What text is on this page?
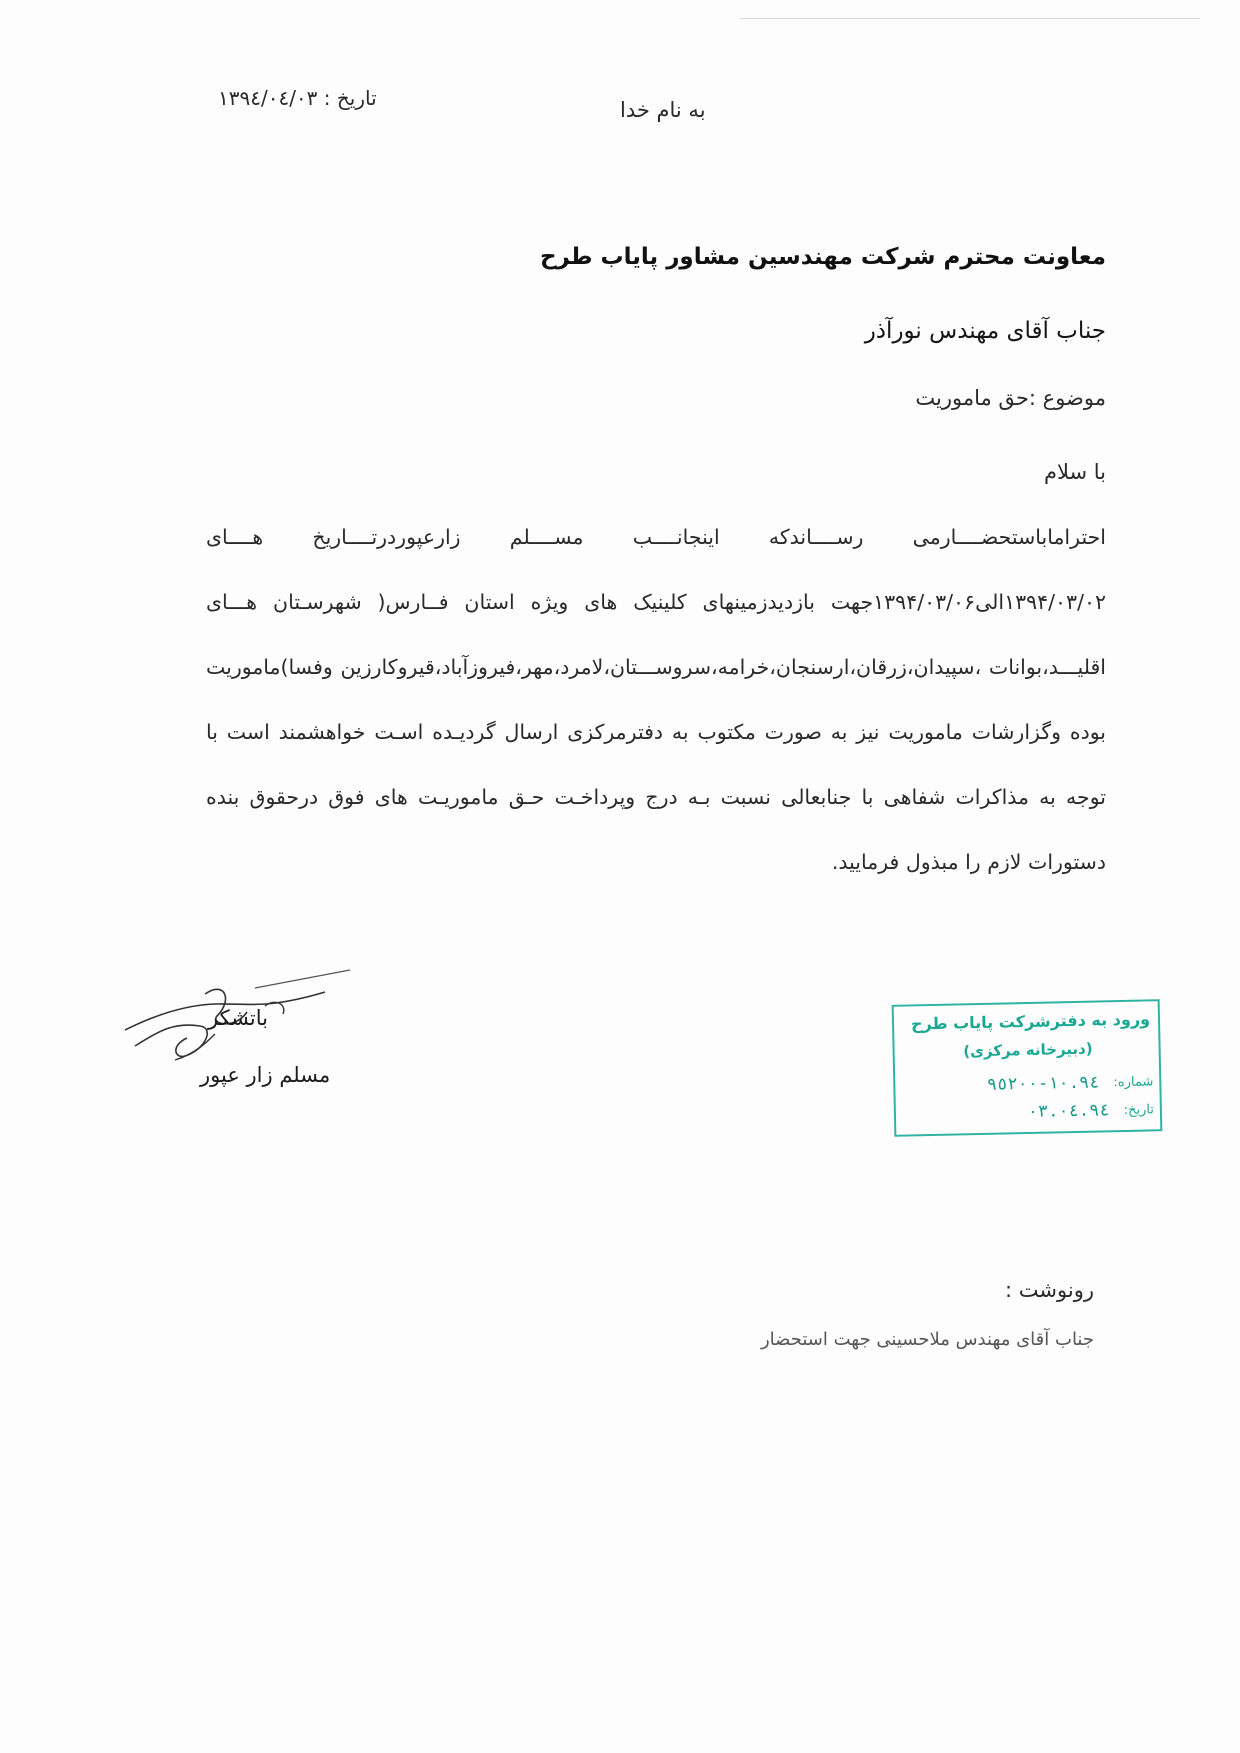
تاریخ : ۱۳۹٤/۰٤/۰۳	به نام خدا
معاونت محترم شرکت مهندسین مشاور پایاب طرح
جناب آقای مهندس نورآذر
موضوع :حق ماموریت
با سلام
احتراماباستحضــــارمی رســــاندکه اینجانــــب مســــلم زارعپوردرتــــاریخ هــــای ۱۳۹۴/۰۳/۰۲الی۱۳۹۴/۰۳/۰۶جهت بازدیدزمینهای کلینیک های ویژه استان فــارس( شهرسـتان هـــای اقلیـــد،بوانات ،سپیدان،زرقان،ارسنجان،خرامه،سروســـتان،لامرد،مهر،فیروزآباد،قیروکارزین وفسا)ماموریت بوده وگزارشات ماموریت نیز به صورت مکتوب به دفترمرکزی ارسال گردیـده اسـت خواهشمند است با توجه به مذاکرات شفاهی با جنابعالی نسبت بـه درج وپرداخـت حـق ماموریـت های فوق درحقوق بنده دستورات لازم را مبذول فرمایید.
باتشکر
مسلم زار عپور
ورود به دفترشرکت پایاب طرح
(دبیرخانه مرکزی)
شماره:
۱۰.۹٤-۹٥٢۰۰
تاریخ:
۹٤.۰٤.۰۳
رونوشت :
جناب آقای مهندس ملاحسینی جهت استحضار
